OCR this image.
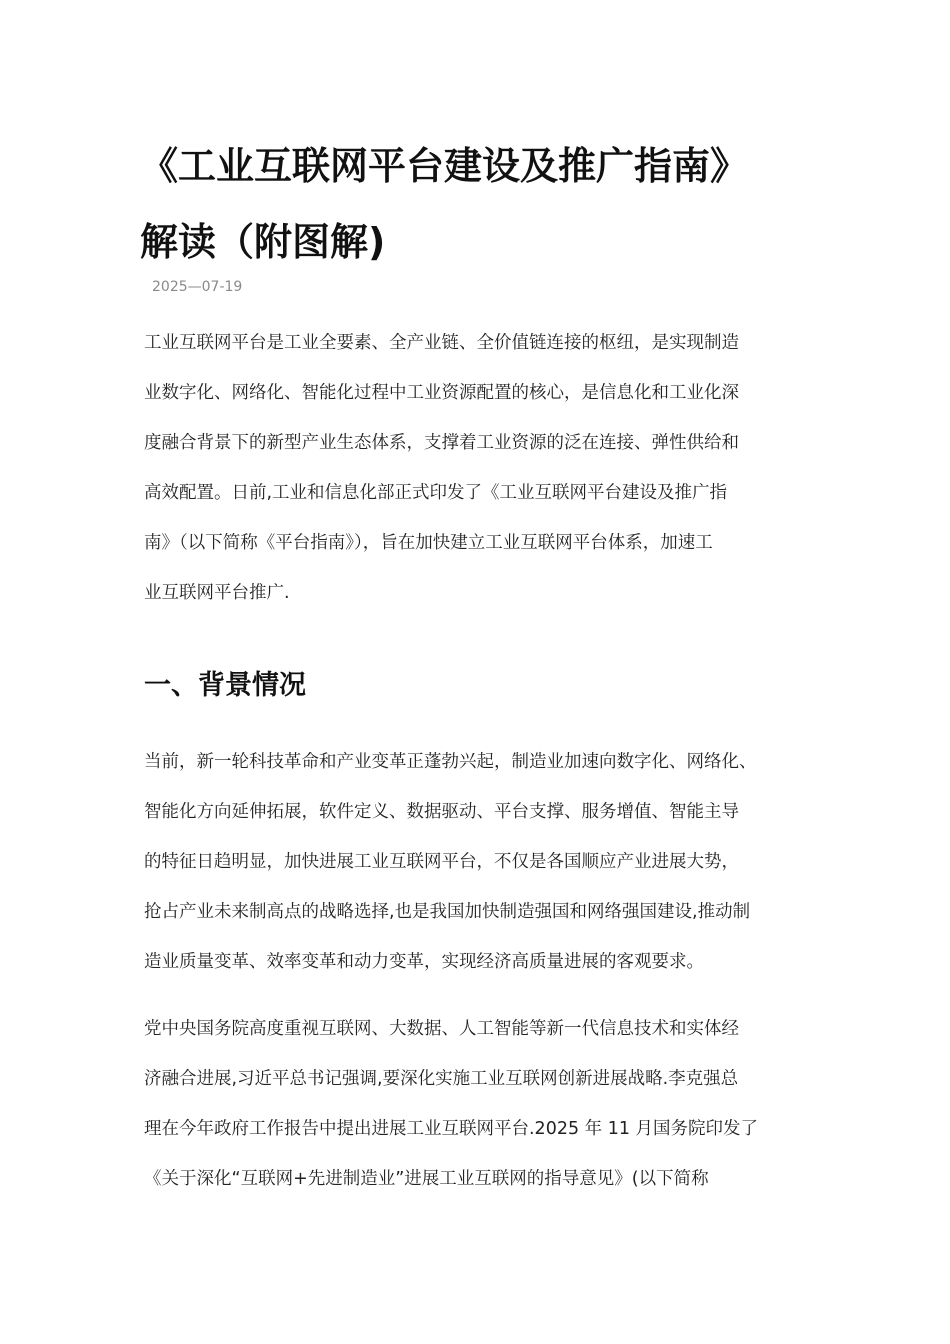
《工业互联网平台建设及推广指南》
解读（附图解)
2025—07-19

工业互联网平台是工业全要素、全产业链、全价值链连接的枢纽，是实现制造
业数字化、网络化、智能化过程中工业资源配置的核心，是信息化和工业化深
度融合背景下的新型产业生态体系，支撑着工业资源的泛在连接、弹性供给和
高效配置。日前,工业和信息化部正式印发了《工业互联网平台建设及推广指
南》（以下简称《平台指南》），旨在加快建立工业互联网平台体系，加速工
业互联网平台推广.

一、背景情况

当前，新一轮科技革命和产业变革正蓬勃兴起，制造业加速向数字化、网络化、
智能化方向延伸拓展，软件定义、数据驱动、平台支撑、服务增值、智能主导
的特征日趋明显，加快进展工业互联网平台，不仅是各国顺应产业进展大势，
抢占产业未来制高点的战略选择,也是我国加快制造强国和网络强国建设,推动制
造业质量变革、效率变革和动力变革，实现经济高质量进展的客观要求。

党中央国务院高度重视互联网、大数据、人工智能等新一代信息技术和实体经
济融合进展,习近平总书记强调,要深化实施工业互联网创新进展战略.李克强总
理在今年政府工作报告中提出进展工业互联网平台.2025 年 11 月国务院印发了
《关于深化“互联网+先进制造业”进展工业互联网的指导意见》(以下简称
